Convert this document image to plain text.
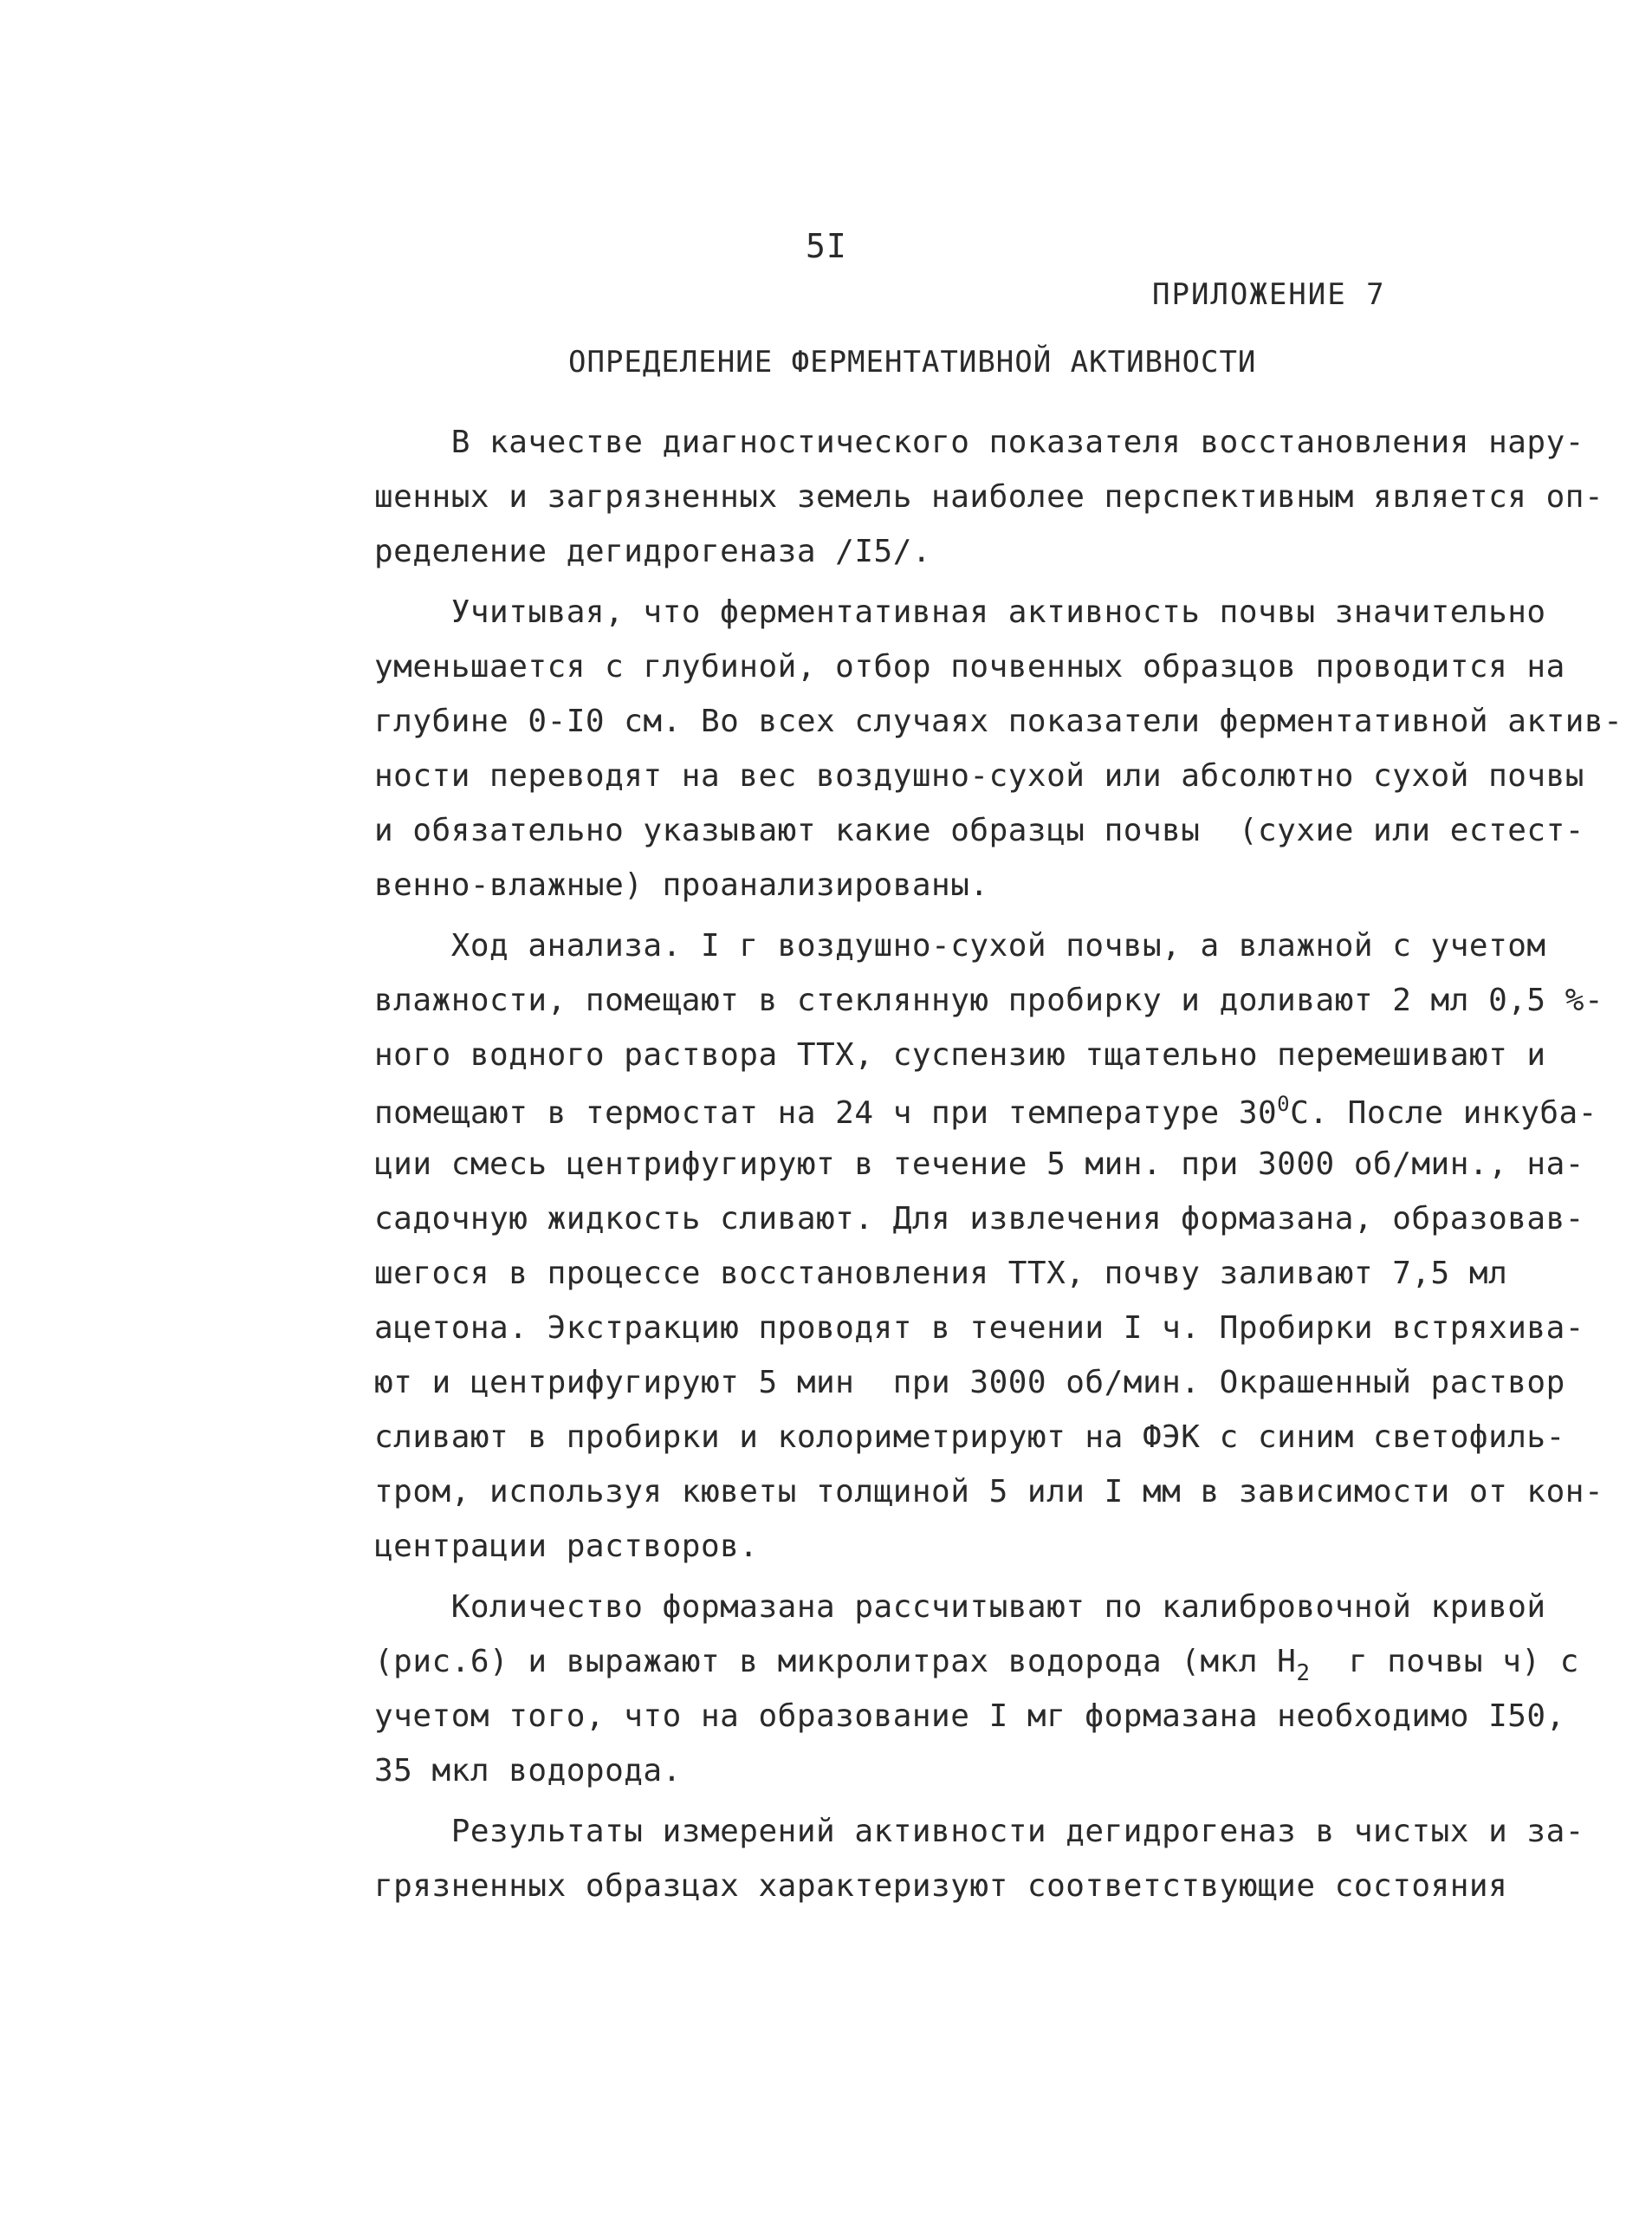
5I
ПРИЛОЖЕНИЕ 7
ОПРЕДЕЛЕНИЕ ФЕРМЕНТАТИВНОЙ АКТИВНОСТИ
В качестве диагностического показателя восстановления нару-
шенных и загрязненных земель наиболее перспективным является оп-
ределение дегидрогеназа /I5/.
Учитывая, что ферментативная активность почвы значительно
уменьшается с глубиной, отбор почвенных образцов проводится на
глубине 0-I0 см. Во всех случаях показатели ферментативной актив-
ности переводят на вес воздушно-сухой или абсолютно сухой почвы
и обязательно указывают какие образцы почвы  (сухие или естест-
венно-влажные) проанализированы.
Ход анализа. I г воздушно-сухой почвы, а влажной с учетом
влажности, помещают в стеклянную пробирку и доливают 2 мл 0,5 %-
ного водного раствора ТТХ, суспензию тщательно перемешивают и
помещают в термостат на 24 ч при температуре $30^0С$. После инкуба-
ции смесь центрифугируют в течение 5 мин. при 3000 об/мин., на-
садочную жидкость сливают. Для извлечения формазана, образовав-
шегося в процессе восстановления ТТХ, почву заливают 7,5 мл
ацетона. Экстракцию проводят в течении I ч. Пробирки встряхива-
ют и центрифугируют 5 мин  при 3000 об/мин. Окрашенный раствор
сливают в пробирки и колориметрируют на ФЭК с синим светофиль-
тром, используя кюветы толщиной 5 или I мм в зависимости от кон-
центрации растворов.
Количество формазана рассчитывают по калибровочной кривой
(рис.6) и выражают в микролитрах водорода (мкл $H_2$  г почвы ч) с
учетом того, что на образование I мг формазана необходимо I50,
35 мкл водорода.
Результаты измерений активности дегидрогеназ в чистых и за-
грязненных образцах характеризуют соответствующие состояния
